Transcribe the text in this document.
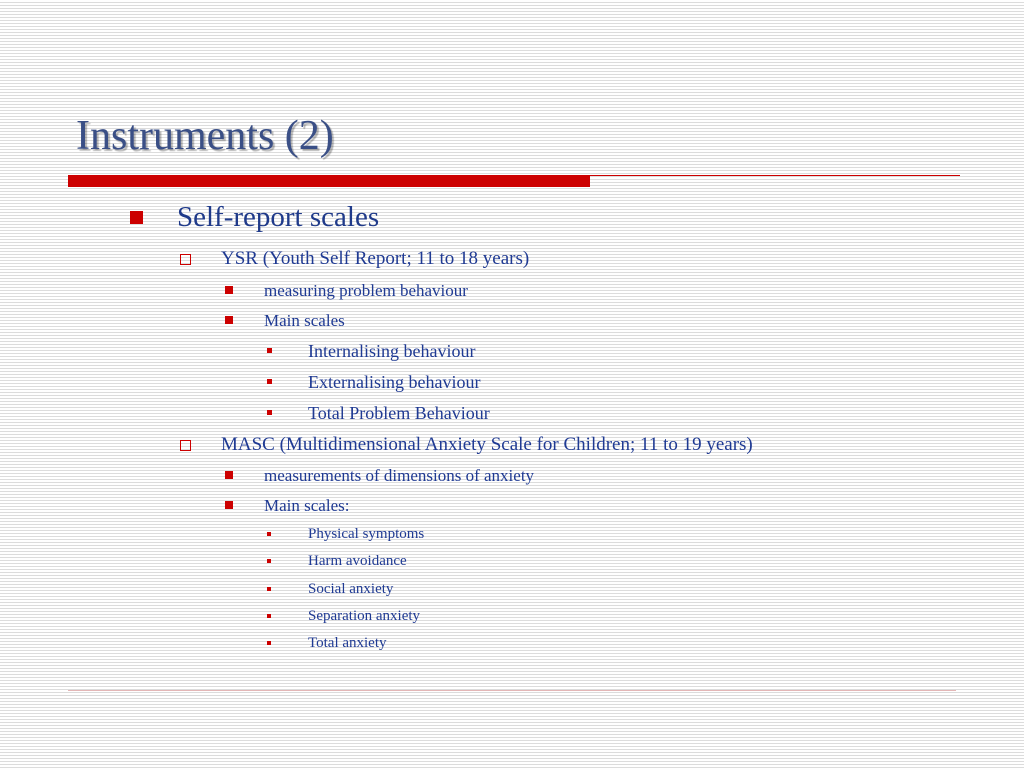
Instruments (2)
Self-report scales
YSR (Youth Self Report; 11 to 18 years)
measuring problem behaviour
Main scales
Internalising behaviour
Externalising behaviour
Total Problem Behaviour
MASC (Multidimensional Anxiety Scale for Children; 11 to 19 years)
measurements of dimensions of anxiety
Main scales:
Physical symptoms
Harm avoidance
Social anxiety
Separation anxiety
Total anxiety
